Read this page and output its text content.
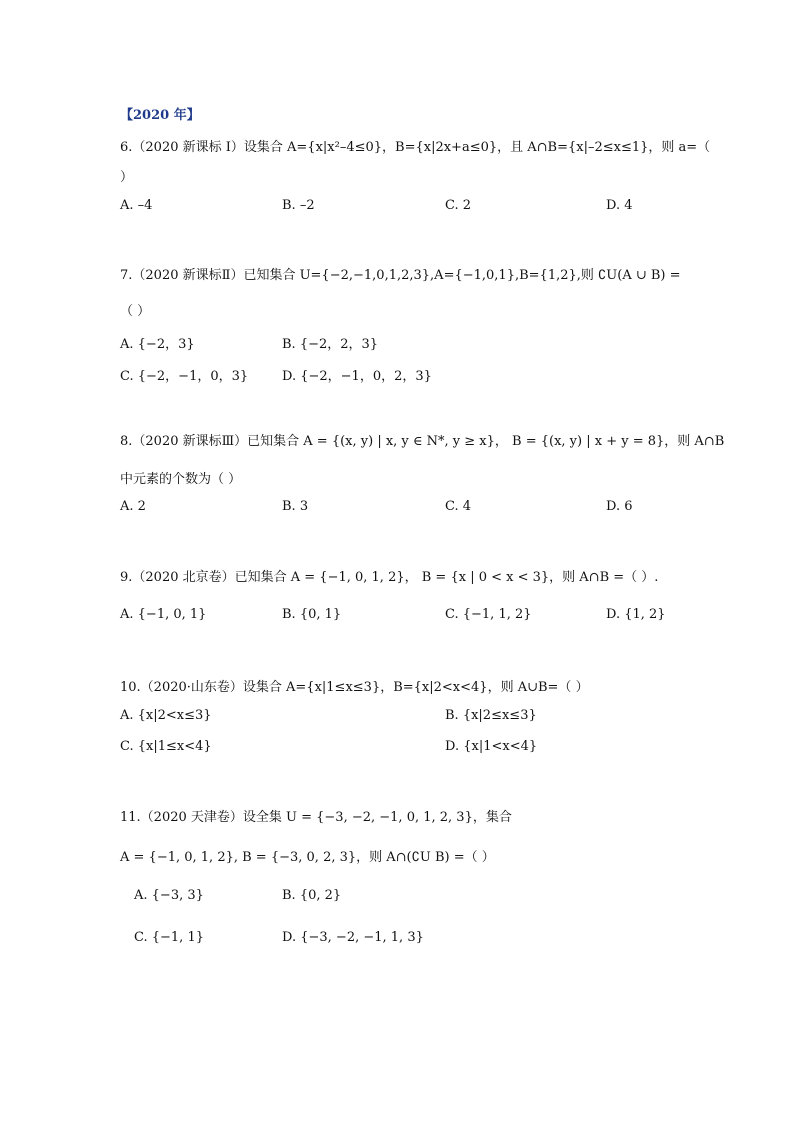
【2020 年】
6.（2020 新课标 Ⅰ）设集合 A={x|x²–4≤0}，B={x|2x+a≤0}，且 A∩B={x|–2≤x≤1}，则 a=（
）
A. –4	B. –2	C. 2	D. 4
7.（2020 新课标Ⅱ）已知集合 U={−2,−1,0,1,2,3},A={−1,0,1},B={1,2},则 ∁U(A ∪ B) =
（ ）
A. {−2，3}	B. {−2，2，3}
C. {−2，−1，0，3}	D. {−2，−1，0，2，3}
8.（2020 新课标Ⅲ）已知集合 A = {(x, y) | x, y ∈ N*, y ≥ x}， B = {(x, y) | x + y = 8}，则 A∩B
中元素的个数为（ ）
A. 2	B. 3	C. 4	D. 6
9.（2020 北京卷）已知集合 A = {−1, 0, 1, 2}， B = {x | 0 < x < 3}，则 A∩B =（ ）.
A. {−1, 0, 1}	B. {0, 1}	C. {−1, 1, 2}	D. {1, 2}
10.（2020·山东卷）设集合 A={x|1≤x≤3}，B={x|2<x<4}，则 A∪B=（ ）
A. {x|2<x≤3}	B. {x|2≤x≤3}
C. {x|1≤x<4}	D. {x|1<x<4}
11.（2020 天津卷）设全集 U = {−3, −2, −1, 0, 1, 2, 3}，集合
A = {−1, 0, 1, 2}, B = {−3, 0, 2, 3}，则 A∩(∁U B) =（ ）
A. {−3, 3}	B. {0, 2}
C. {−1, 1}	D. {−3, −2, −1, 1, 3}
